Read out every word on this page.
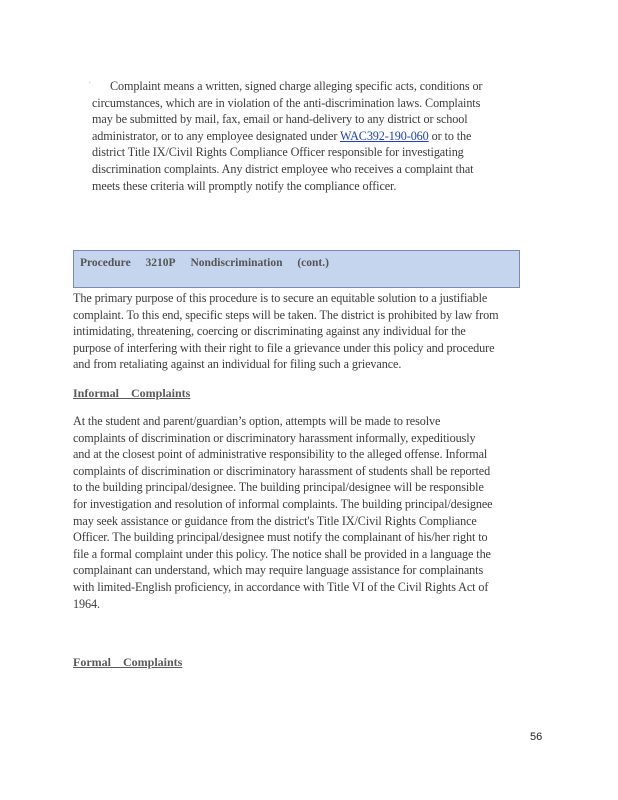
·	Complaint means a written, signed charge alleging specific acts, conditions or
circumstances, which are in violation of the anti-discrimination laws. Complaints
may be submitted by mail, fax, email or hand-delivery to any district or school
administrator, or to any employee designated under WAC392-190-060 or to the
district Title IX/Civil Rights Compliance Officer responsible for investigating
discrimination complaints. Any district employee who receives a complaint that
meets these criteria will promptly notify the compliance officer.
Procedure 3210P Nondiscrimination (cont.)
The primary purpose of this procedure is to secure an equitable solution to a justifiable
complaint. To this end, specific steps will be taken. The district is prohibited by law from
intimidating, threatening, coercing or discriminating against any individual for the
purpose of interfering with their right to file a grievance under this policy and procedure
and from retaliating against an individual for filing such a grievance.
Informal    Complaints
At the student and parent/guardian’s option, attempts will be made to resolve
complaints of discrimination or discriminatory harassment informally, expeditiously
and at the closest point of administrative responsibility to the alleged offense. Informal
complaints of discrimination or discriminatory harassment of students shall be reported
to the building principal/designee. The building principal/designee will be responsible
for investigation and resolution of informal complaints. The building principal/designee
may seek assistance or guidance from the district's Title IX/Civil Rights Compliance
Officer. The building principal/designee must notify the complainant of his/her right to
file a formal complaint under this policy. The notice shall be provided in a language the
complainant can understand, which may require language assistance for complainants
with limited-English proficiency, in accordance with Title VI of the Civil Rights Act of
1964.
Formal    Complaints
56
